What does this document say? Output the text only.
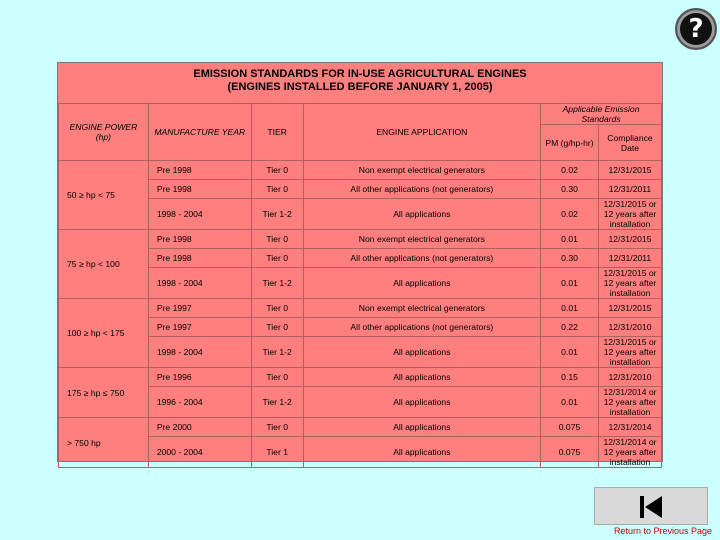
?
EMISSION STANDARDS FOR IN-USE AGRICULTURAL ENGINES
(ENGINES INSTALLED BEFORE JANUARY 1, 2005)
ENGINE POWER (hp)	MANUFACTURE YEAR	TIER	ENGINE APPLICATION	Applicable Emission Standards	
				PM (g/hp-hr)	Compliance Date
50 ≥ hp < 75	Pre 1998	Tier 0	Non exempt electrical generators	0.02	12/31/2015
	Pre 1998	Tier 0	All other applications (not generators)	0.30	12/31/2011
	1998 - 2004	Tier 1-2	All applications	0.02	12/31/2015 or 12 years after installation
75 ≥ hp < 100	Pre 1998	Tier 0	Non exempt electrical generators	0.01	12/31/2015
	Pre 1998	Tier 0	All other applications (not generators)	0.30	12/31/2011
	1998 - 2004	Tier 1-2	All applications	0.01	12/31/2015 or 12 years after installation
100 ≥ hp < 175	Pre 1997	Tier 0	Non exempt electrical generators	0.01	12/31/2015
	Pre 1997	Tier 0	All other applications (not generators)	0.22	12/31/2010
	1998 - 2004	Tier 1-2	All applications	0.01	12/31/2015 or 12 years after installation
175 ≥ hp ≤ 750	Pre 1996	Tier 0	All applications	0.15	12/31/2010
	1996 - 2004	Tier 1-2	All applications	0.01	12/31/2014 or 12 years after installation
> 750 hp	Pre 2000	Tier 0	All applications	0.075	12/31/2014
	2000 - 2004	Tier 1	All applications	0.075	12/31/2014 or 12 years after installation
Return to Previous Page
